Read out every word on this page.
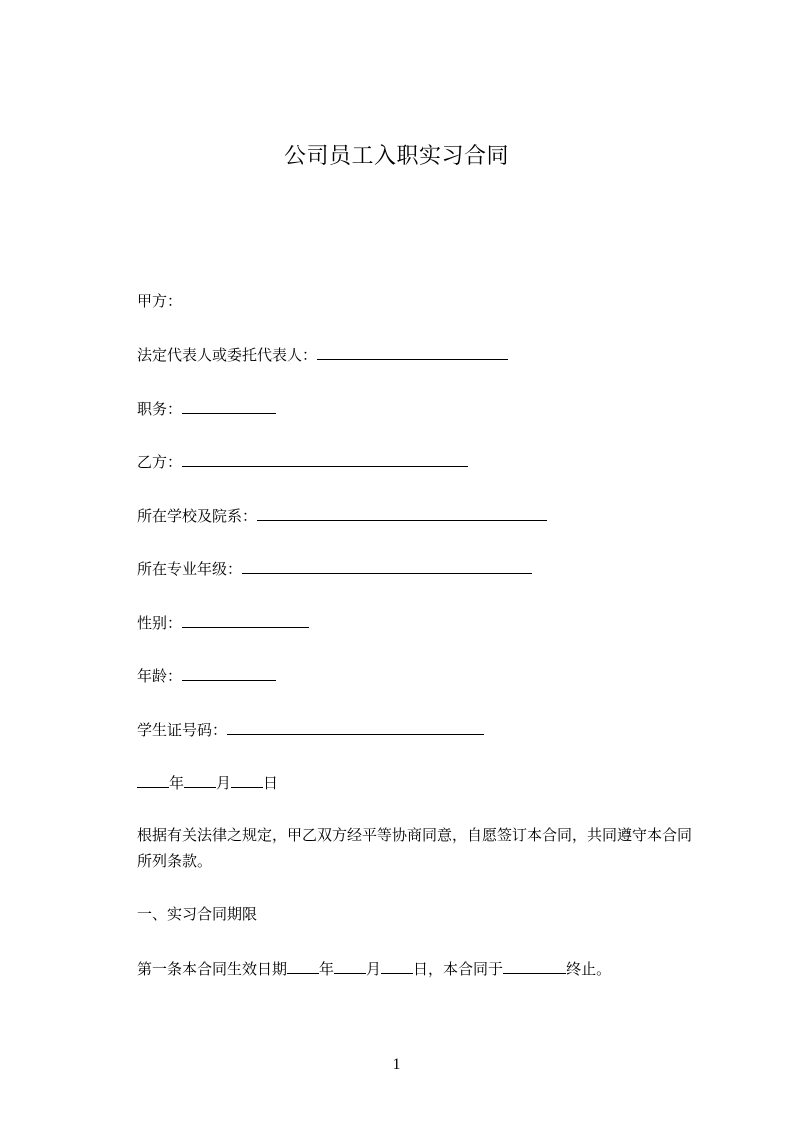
公司员工入职实习合同
甲方：
法定代表人或委托代表人：
职务：
乙方：
所在学校及院系：
所在专业年级：
性别：
年龄：
学生证号码：
年 月 日
根据有关法律之规定，甲乙双方经平等协商同意，自愿签订本合同，共同遵守本合同所列条款。
一、实习合同期限
第一条本合同生效日期 年 月 日，本合同于	终止。
1
